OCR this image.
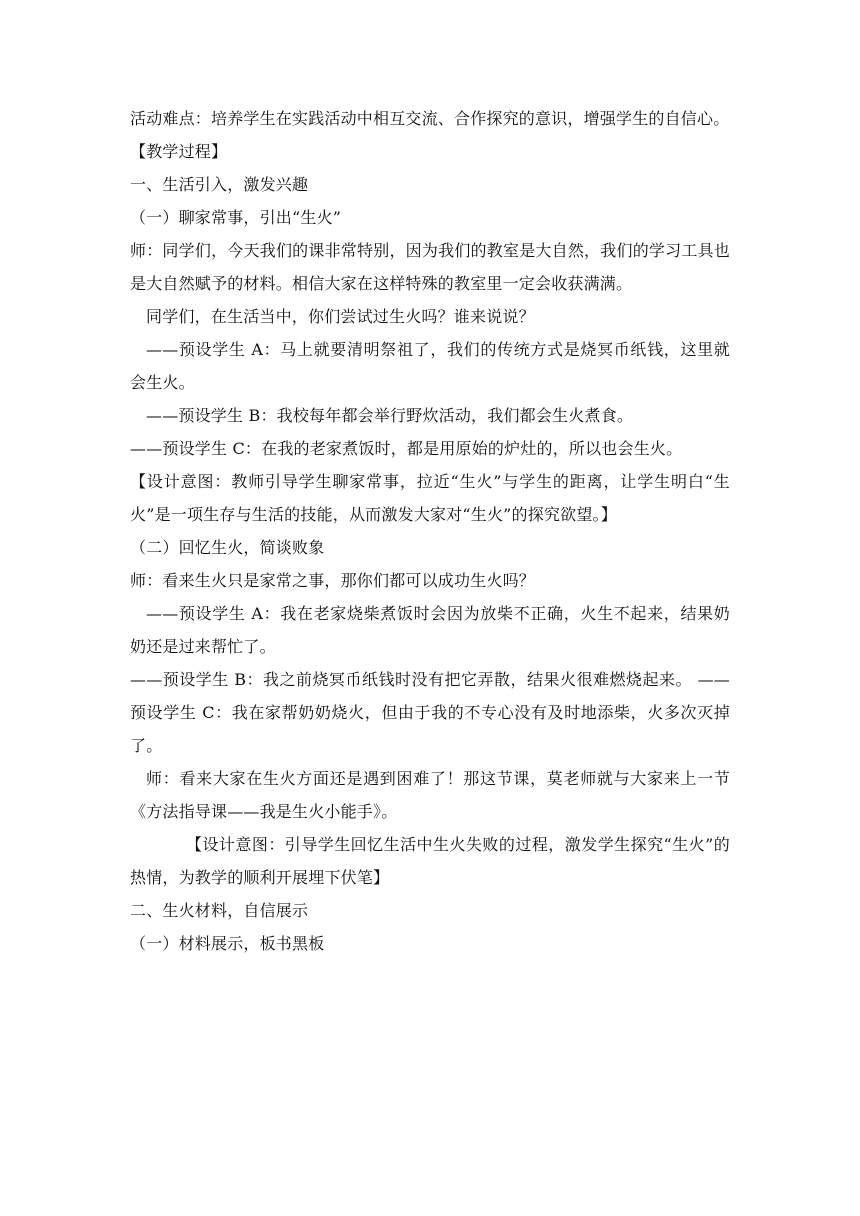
活动难点：培养学生在实践活动中相互交流、合作探究的意识，增强学生的自信心。

【教学过程】

一、生活引入，激发兴趣

（一）聊家常事，引出“生火”

师：同学们，今天我们的课非常特别，因为我们的教室是大自然，我们的学习工具也是大自然赋予的材料。相信大家在这样特殊的教室里一定会收获满满。

同学们，在生活当中，你们尝试过生火吗？谁来说说？

——预设学生 A：马上就要清明祭祖了，我们的传统方式是烧冥币纸钱，这里就会生火。

——预设学生 B：我校每年都会举行野炊活动，我们都会生火煮食。

——预设学生 C：在我的老家煮饭时，都是用原始的炉灶的，所以也会生火。

【设计意图：教师引导学生聊家常事，拉近“生火”与学生的距离，让学生明白“生火”是一项生存与生活的技能，从而激发大家对“生火”的探究欲望。】

（二）回忆生火，简谈败象

师：看来生火只是家常之事，那你们都可以成功生火吗？

——预设学生 A：我在老家烧柴煮饭时会因为放柴不正确，火生不起来，结果奶奶还是过来帮忙了。

——预设学生 B：我之前烧冥币纸钱时没有把它弄散，结果火很难燃烧起来。 ——预设学生 C：我在家帮奶奶烧火，但由于我的不专心没有及时地添柴，火多次灭掉了。

师：看来大家在生火方面还是遇到困难了！那这节课，莫老师就与大家来上一节《方法指导课——我是生火小能手》。

【设计意图：引导学生回忆生活中生火失败的过程，激发学生探究“生火”的热情，为教学的顺利开展埋下伏笔】

二、生火材料，自信展示

（一）材料展示，板书黑板
